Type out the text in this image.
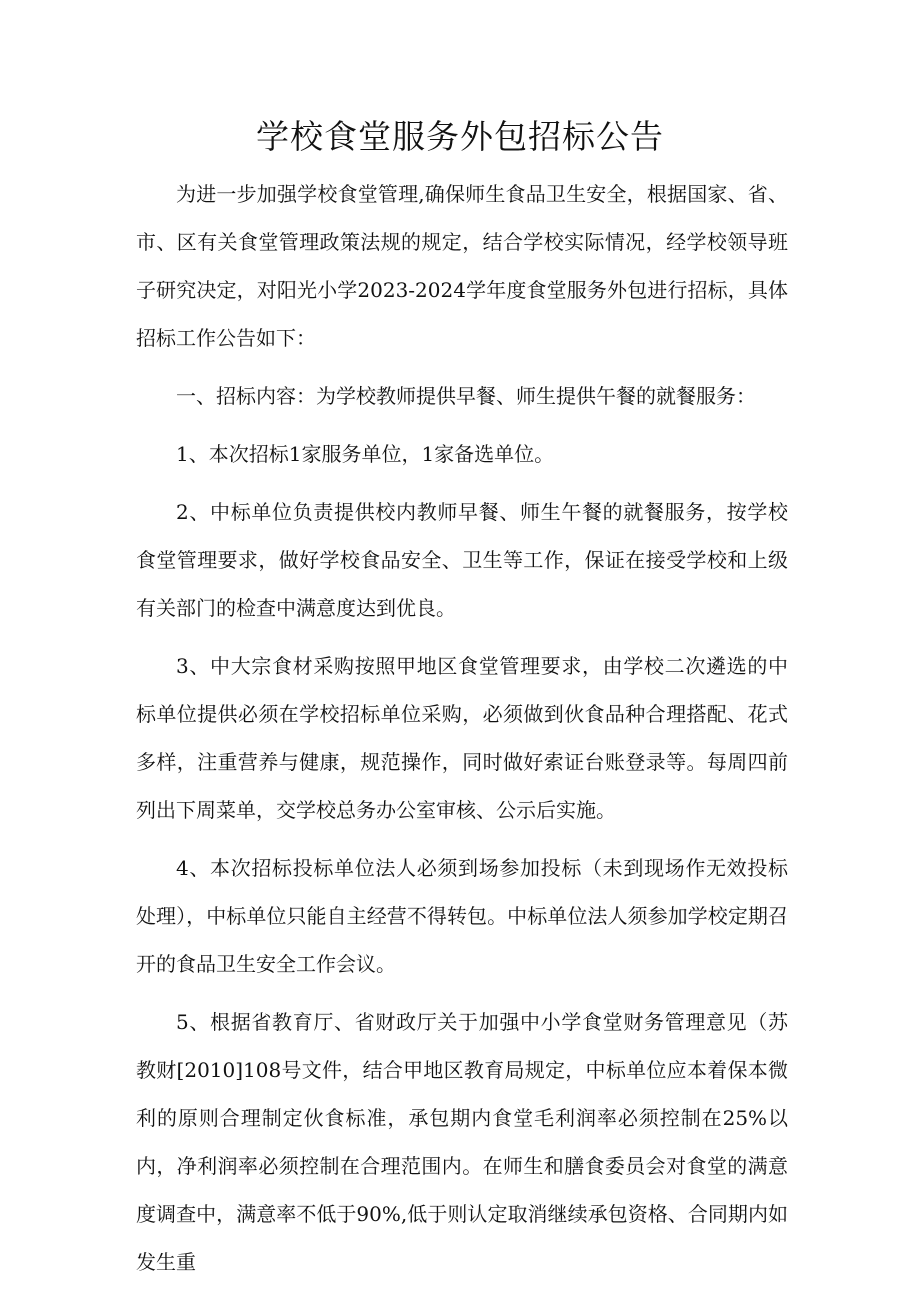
学校食堂服务外包招标公告

为进一步加强学校食堂管理,确保师生食品卫生安全，根据国家、省、市、区有关食堂管理政策法规的规定，结合学校实际情况，经学校领导班子研究决定，对阳光小学2023-2024学年度食堂服务外包进行招标，具体招标工作公告如下：

一、招标内容：为学校教师提供早餐、师生提供午餐的就餐服务：

1、本次招标1家服务单位，1家备选单位。

2、中标单位负责提供校内教师早餐、师生午餐的就餐服务，按学校食堂管理要求，做好学校食品安全、卫生等工作，保证在接受学校和上级有关部门的检查中满意度达到优良。

3、中大宗食材采购按照甲地区食堂管理要求，由学校二次遴选的中标单位提供必须在学校招标单位采购，必须做到伙食品种合理搭配、花式多样，注重营养与健康，规范操作，同时做好索证台账登录等。每周四前列出下周菜单，交学校总务办公室审核、公示后实施。

4、本次招标投标单位法人必须到场参加投标（未到现场作无效投标处理），中标单位只能自主经营不得转包。中标单位法人须参加学校定期召开的食品卫生安全工作会议。

5、根据省教育厅、省财政厅关于加强中小学食堂财务管理意见（苏教财[2010]108号文件，结合甲地区教育局规定，中标单位应本着保本微利的原则合理制定伙食标准，承包期内食堂毛利润率必须控制在25%以内，净利润率必须控制在合理范围内。在师生和膳食委员会对食堂的满意度调查中，满意率不低于90%,低于则认定取消继续承包资格、合同期内如发生重
